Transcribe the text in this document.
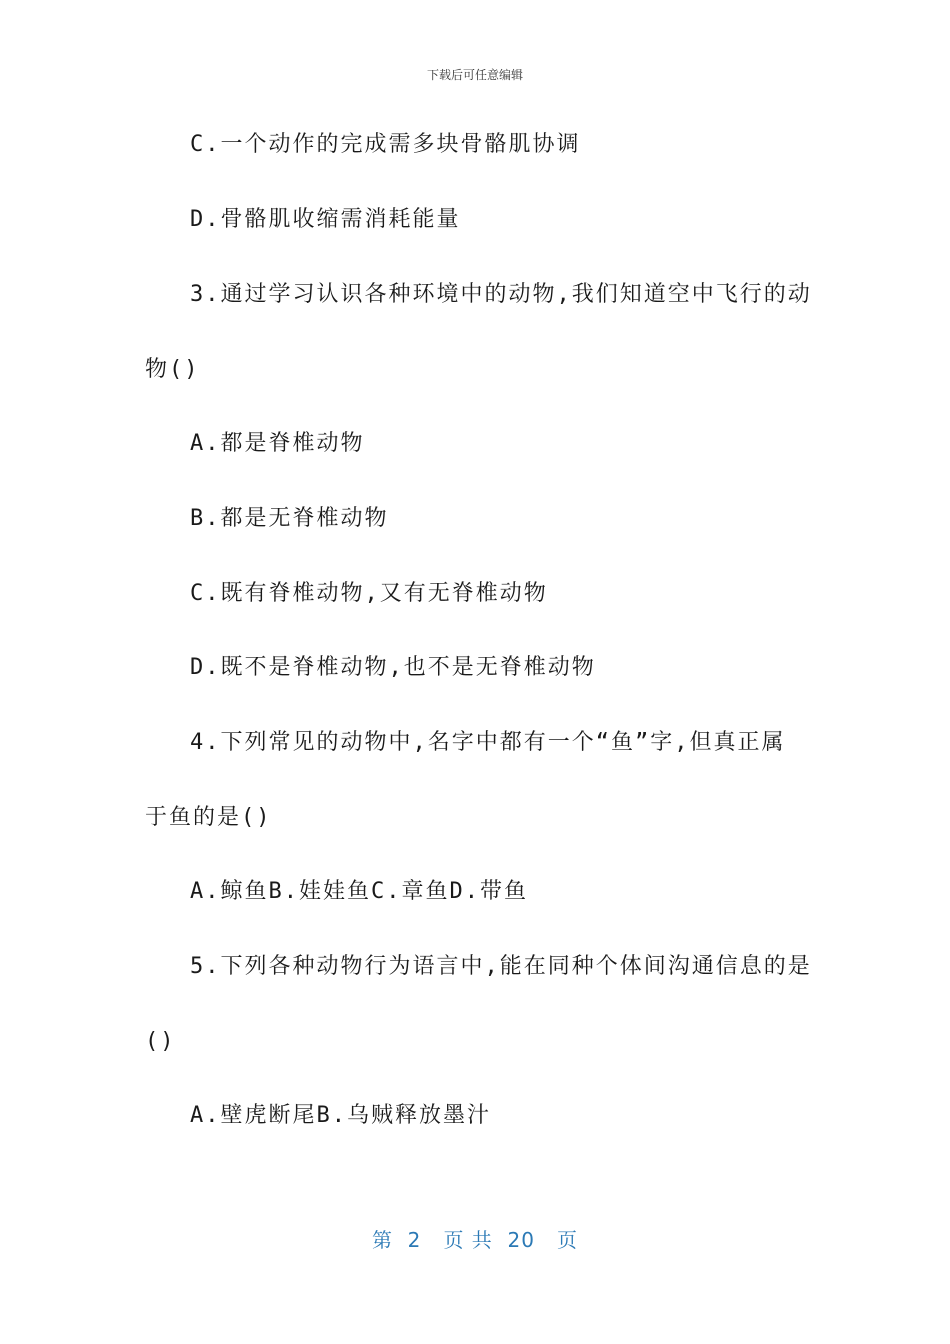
下载后可任意编辑
C.一个动作的完成需多块骨骼肌协调
D.骨骼肌收缩需消耗能量
3.通过学习认识各种环境中的动物,我们知道空中飞行的动
物()
A.都是脊椎动物
B.都是无脊椎动物
C.既有脊椎动物,又有无脊椎动物
D.既不是脊椎动物,也不是无脊椎动物
4.下列常见的动物中,名字中都有一个“鱼”字,但真正属
于鱼的是()
A.鲸鱼B.娃娃鱼C.章鱼D.带鱼
5.下列各种动物行为语言中,能在同种个体间沟通信息的是
()
A.壁虎断尾B.乌贼释放墨汁
第  2   页 共  20   页
